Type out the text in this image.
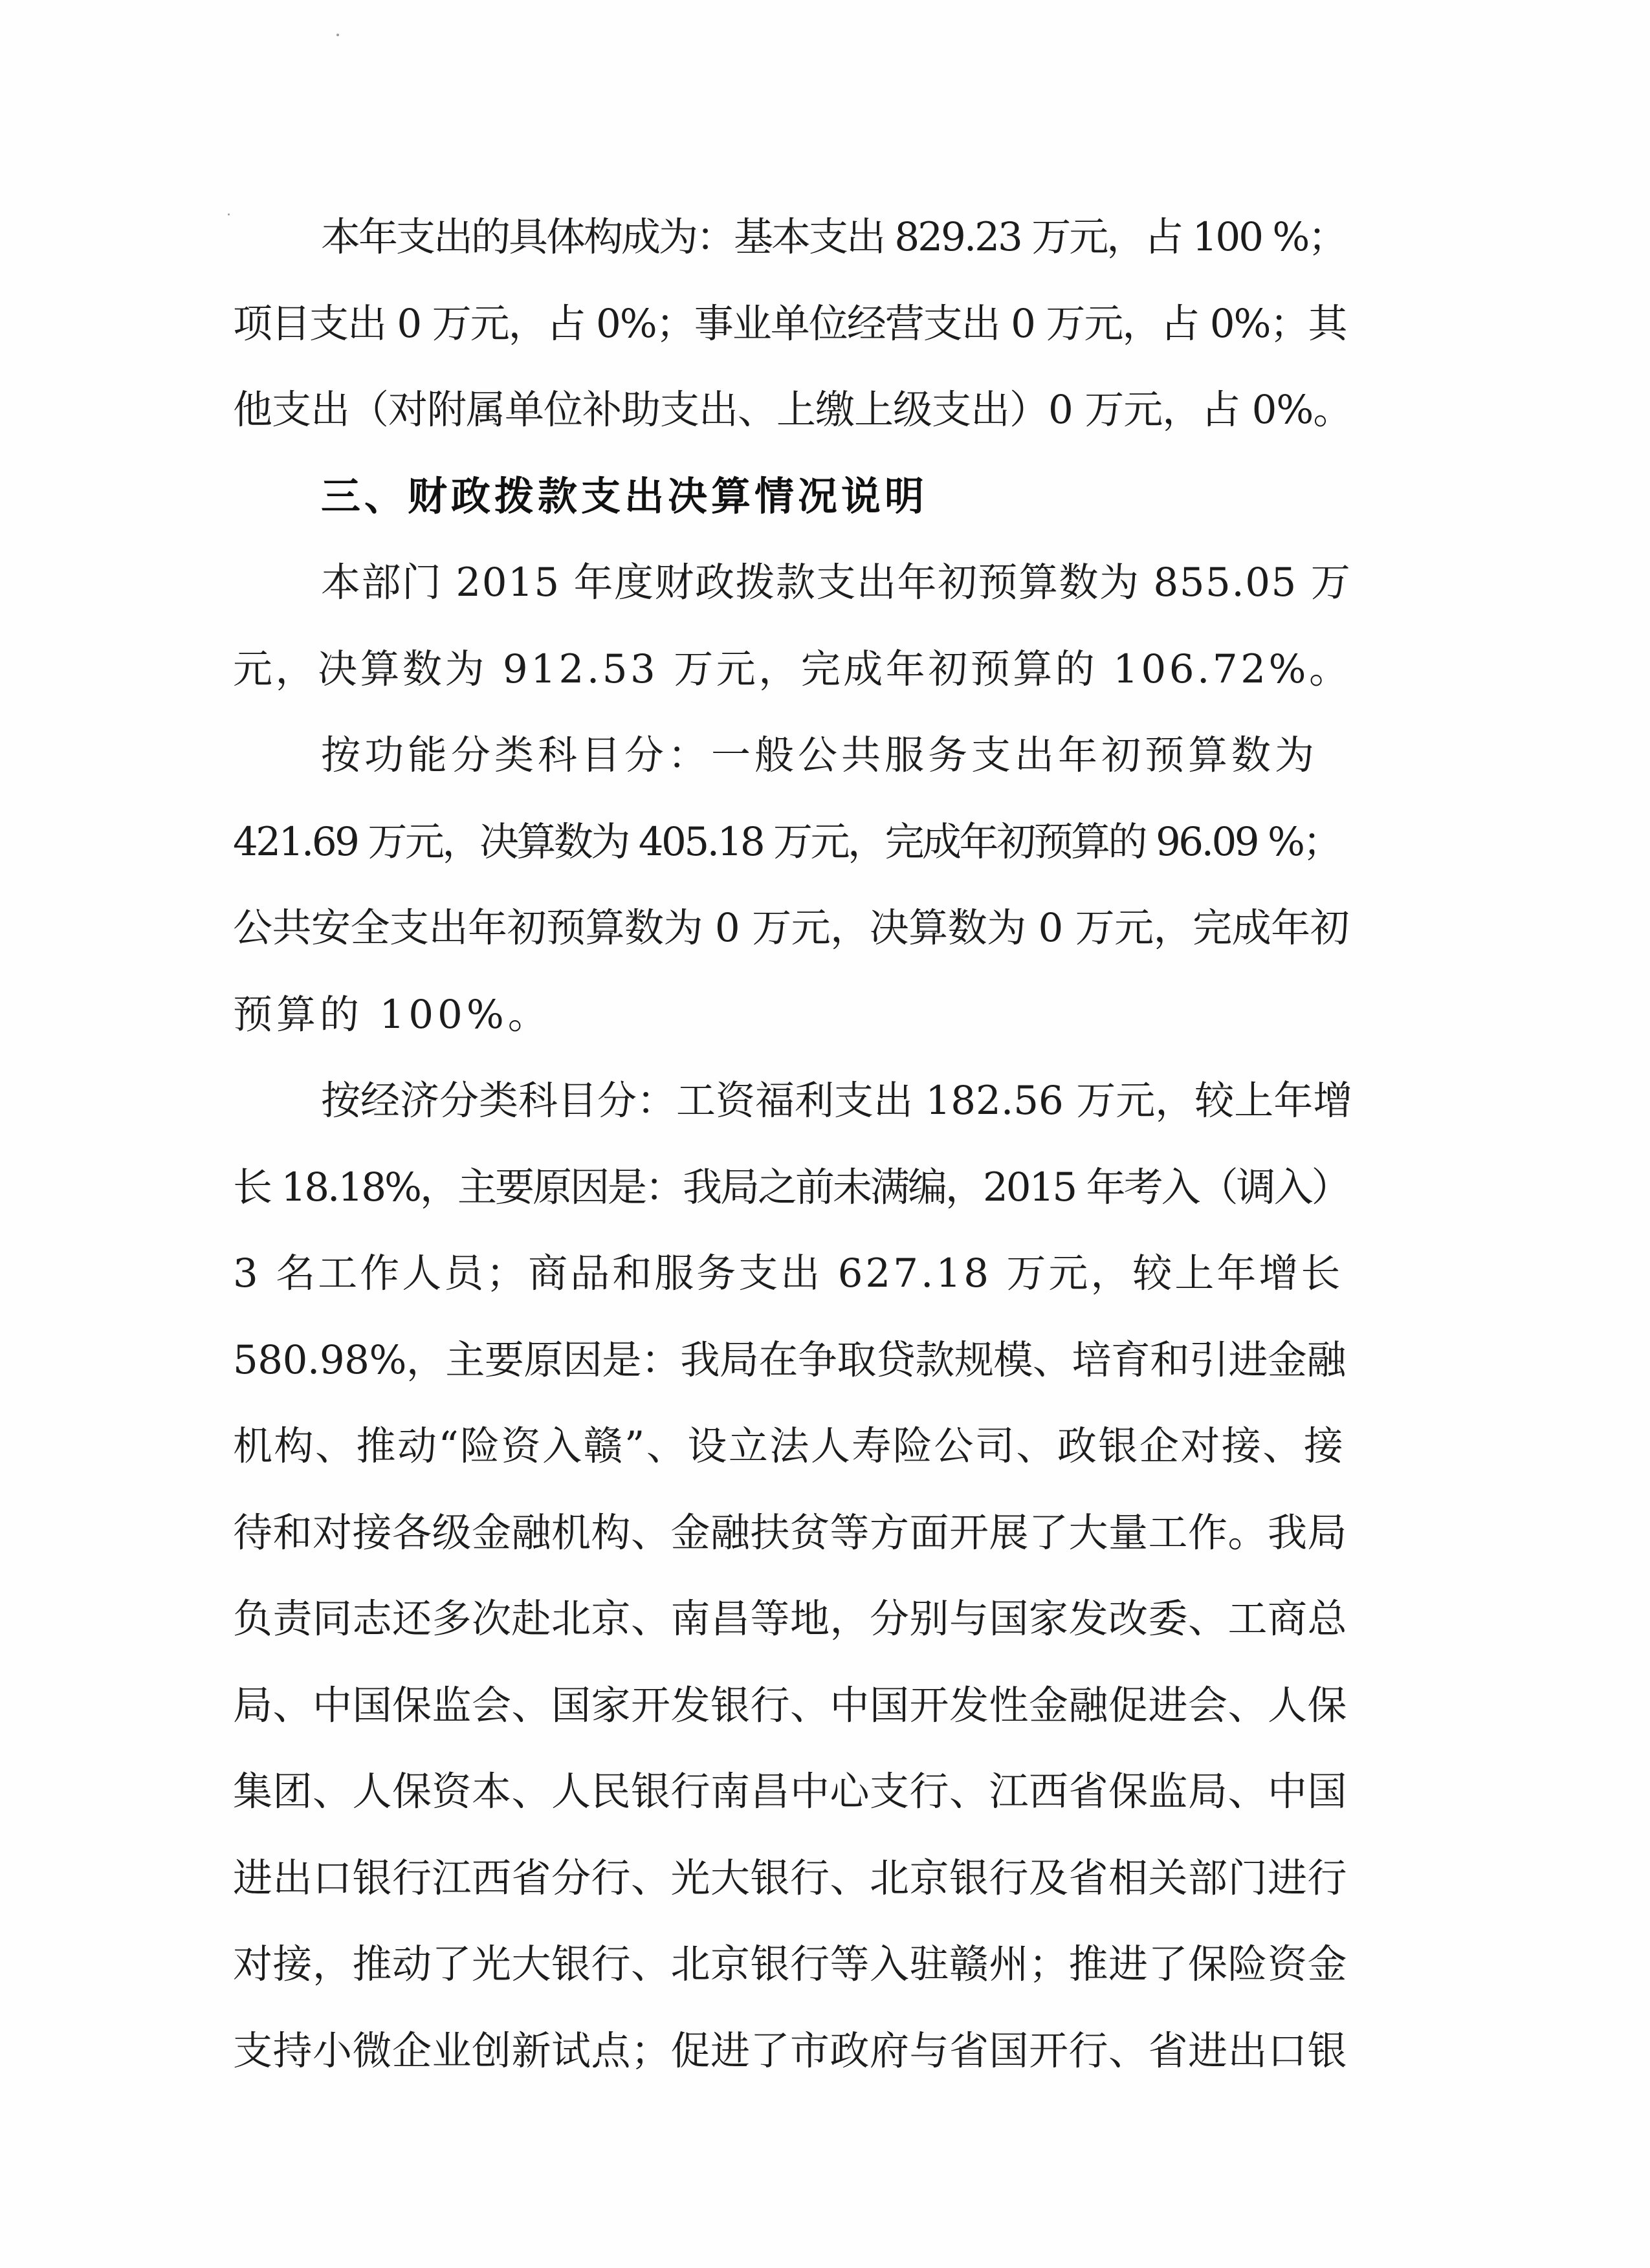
本年支出的具体构成为：基本支出 829.23 万元，占 100 %；
项目支出 0 万元，占 0%；事业单位经营支出 0 万元，占 0%；其
他支出（对附属单位补助支出、上缴上级支出）0 万元，占 0%。
三、财政拨款支出决算情况说明
本部门 2015 年度财政拨款支出年初预算数为 855.05 万
元，决算数为 912.53 万元，完成年初预算的 106.72%。
按功能分类科目分：一般公共服务支出年初预算数为
421.69 万元，决算数为 405.18 万元，完成年初预算的 96.09 %；
公共安全支出年初预算数为 0 万元，决算数为 0 万元，完成年初
预算的 100%。
按经济分类科目分：工资福利支出 182.56 万元，较上年增
长 18.18%，主要原因是：我局之前未满编，2015 年考入（调入）
3 名工作人员；商品和服务支出 627.18 万元，较上年增长
580.98%，主要原因是：我局在争取贷款规模、培育和引进金融
机构、推动“险资入赣”、设立法人寿险公司、政银企对接、接
待和对接各级金融机构、金融扶贫等方面开展了大量工作。我局
负责同志还多次赴北京、南昌等地，分别与国家发改委、工商总
局、中国保监会、国家开发银行、中国开发性金融促进会、人保
集团、人保资本、人民银行南昌中心支行、江西省保监局、中国
进出口银行江西省分行、光大银行、北京银行及省相关部门进行
对接，推动了光大银行、北京银行等入驻赣州；推进了保险资金
支持小微企业创新试点；促进了市政府与省国开行、省进出口银
